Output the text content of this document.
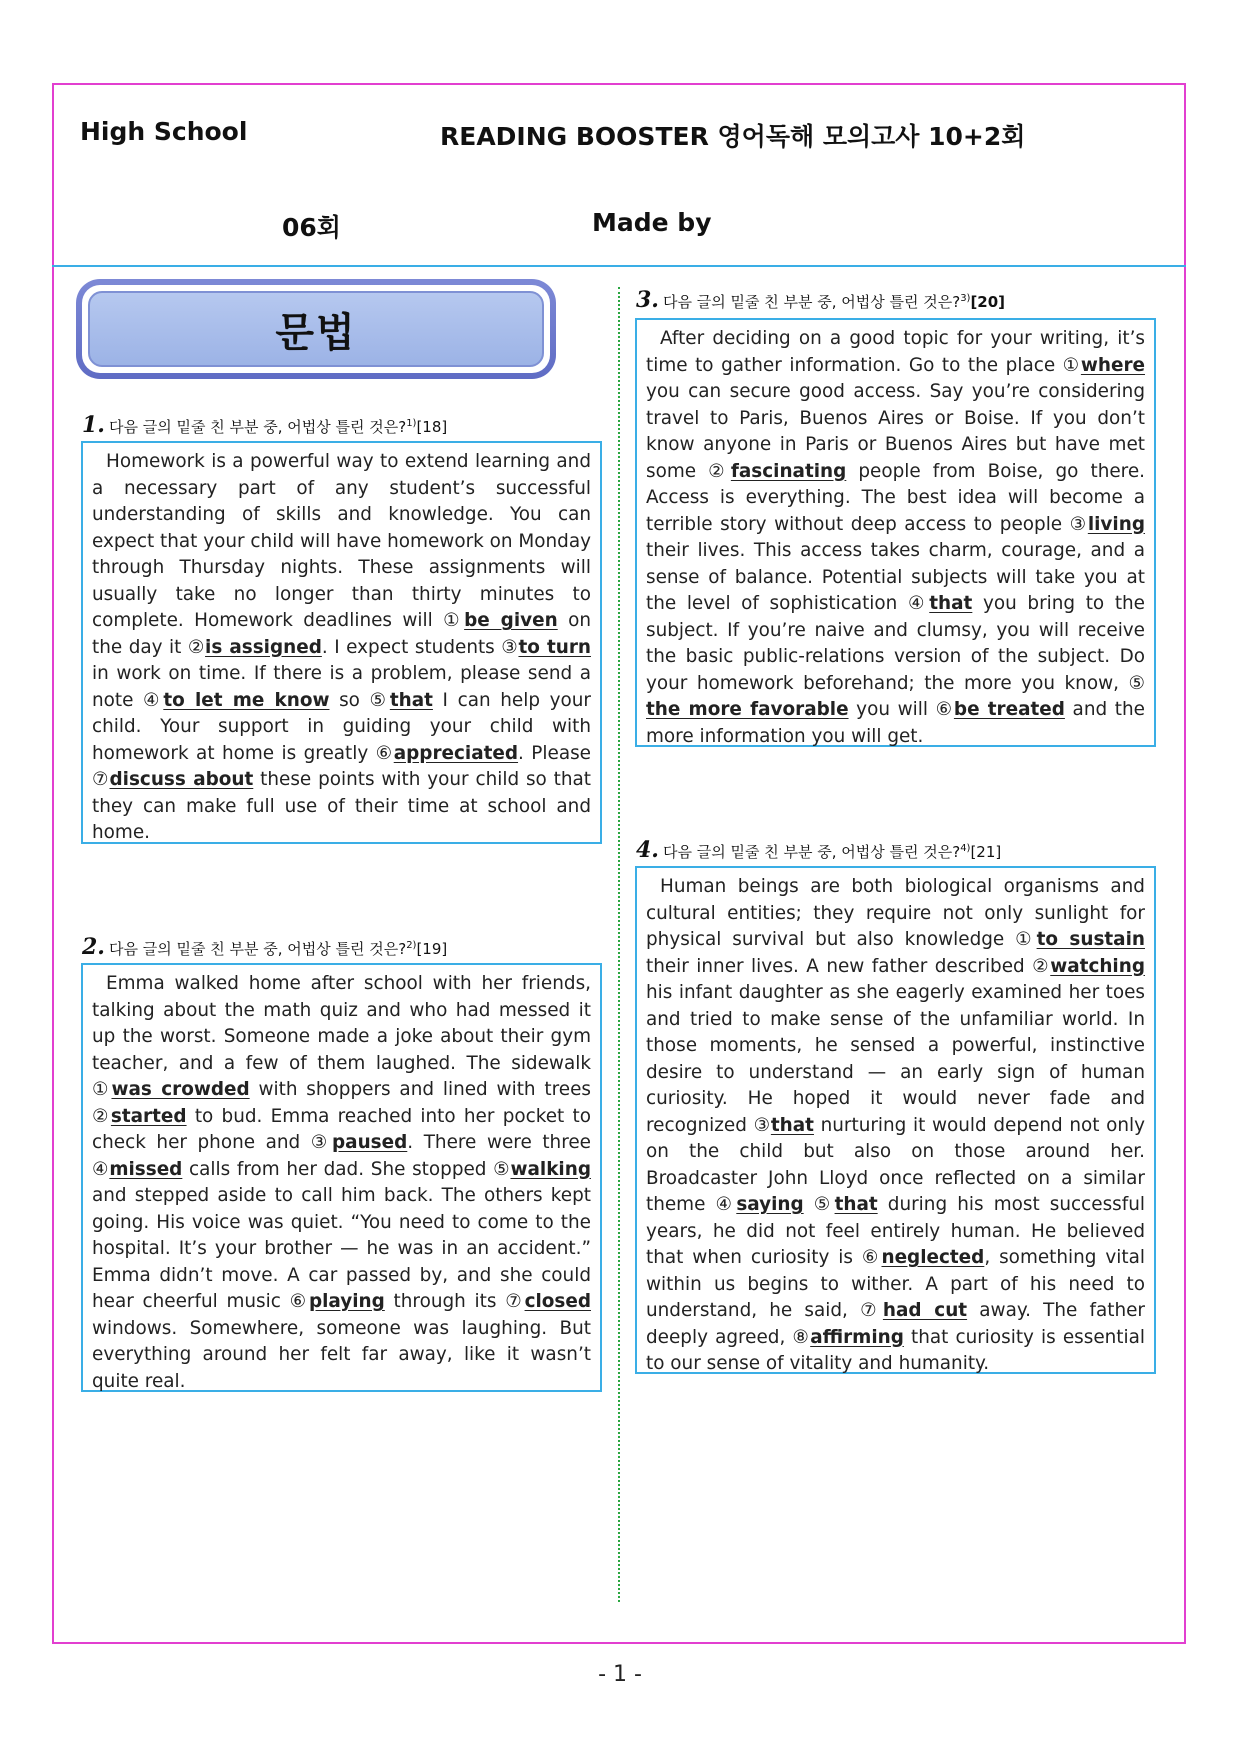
High School	READING BOOSTER 영어독해 모의고사 10+2회
06회	Made by
문법
1. 다음 글의 밑줄 친 부분 중, 어법상 틀린 것은?$^{1)}$[18]

Homework is a powerful way to extend learning and a necessary part of any student’s successful understanding of skills and knowledge. You can expect that your child will have homework on Monday through Thursday nights. These assignments will usually take no longer than thirty minutes to complete. Homework deadlines will ①be given on the day it ②is assigned. I expect students ③to turn in work on time. If there is a problem, please send a note ④to let me know so ⑤that I can help your child. Your support in guiding your child with homework at home is greatly ⑥appreciated. Please ⑦discuss about these points with your child so that they can make full use of their time at school and home.

2. 다음 글의 밑줄 친 부분 중, 어법상 틀린 것은?$^{2)}$[19]

Emma walked home after school with her friends, talking about the math quiz and who had messed it up the worst. Someone made a joke about their gym teacher, and a few of them laughed. The sidewalk ①was crowded with shoppers and lined with trees ②started to bud. Emma reached into her pocket to check her phone and ③paused. There were three ④missed calls from her dad. She stopped ⑤walking and stepped aside to call him back. The others kept going. His voice was quiet. “You need to come to the hospital. It’s your brother — he was in an accident.” Emma didn’t move. A car passed by, and she could hear cheerful music ⑥playing through its ⑦closed windows. Somewhere, someone was laughing. But everything around her felt far away, like it wasn’t quite real.

3. 다음 글의 밑줄 친 부분 중, 어법상 틀린 것은?$^{3)}$[20]

After deciding on a good topic for your writing, it’s time to gather information. Go to the place ①where you can secure good access. Say you’re considering travel to Paris, Buenos Aires or Boise. If you don’t know anyone in Paris or Buenos Aires but have met some ②fascinating people from Boise, go there. Access is everything. The best idea will become a terrible story without deep access to people ③living their lives. This access takes charm, courage, and a sense of balance. Potential subjects will take you at the level of sophistication ④that you bring to the subject. If you’re naive and clumsy, you will receive the basic public-relations version of the subject. Do your homework beforehand; the more you know, ⑤ the more favorable you will ⑥be treated and the more information you will get.

4. 다음 글의 밑줄 친 부분 중, 어법상 틀린 것은?$^{4)}$[21]

Human beings are both biological organisms and cultural entities; they require not only sunlight for physical survival but also knowledge ①to sustain their inner lives. A new father described ②watching his infant daughter as she eagerly examined her toes and tried to make sense of the unfamiliar world. In those moments, he sensed a powerful, instinctive desire to understand — an early sign of human curiosity. He hoped it would never fade and recognized ③that nurturing it would depend not only on the child but also on those around her. Broadcaster John Lloyd once reflected on a similar theme ④saying ⑤that during his most successful years, he did not feel entirely human. He believed that when curiosity is ⑥neglected, something vital within us begins to wither. A part of his need to understand, he said, ⑦had cut away. The father deeply agreed, ⑧affirming that curiosity is essential to our sense of vitality and humanity.

- 1 -
